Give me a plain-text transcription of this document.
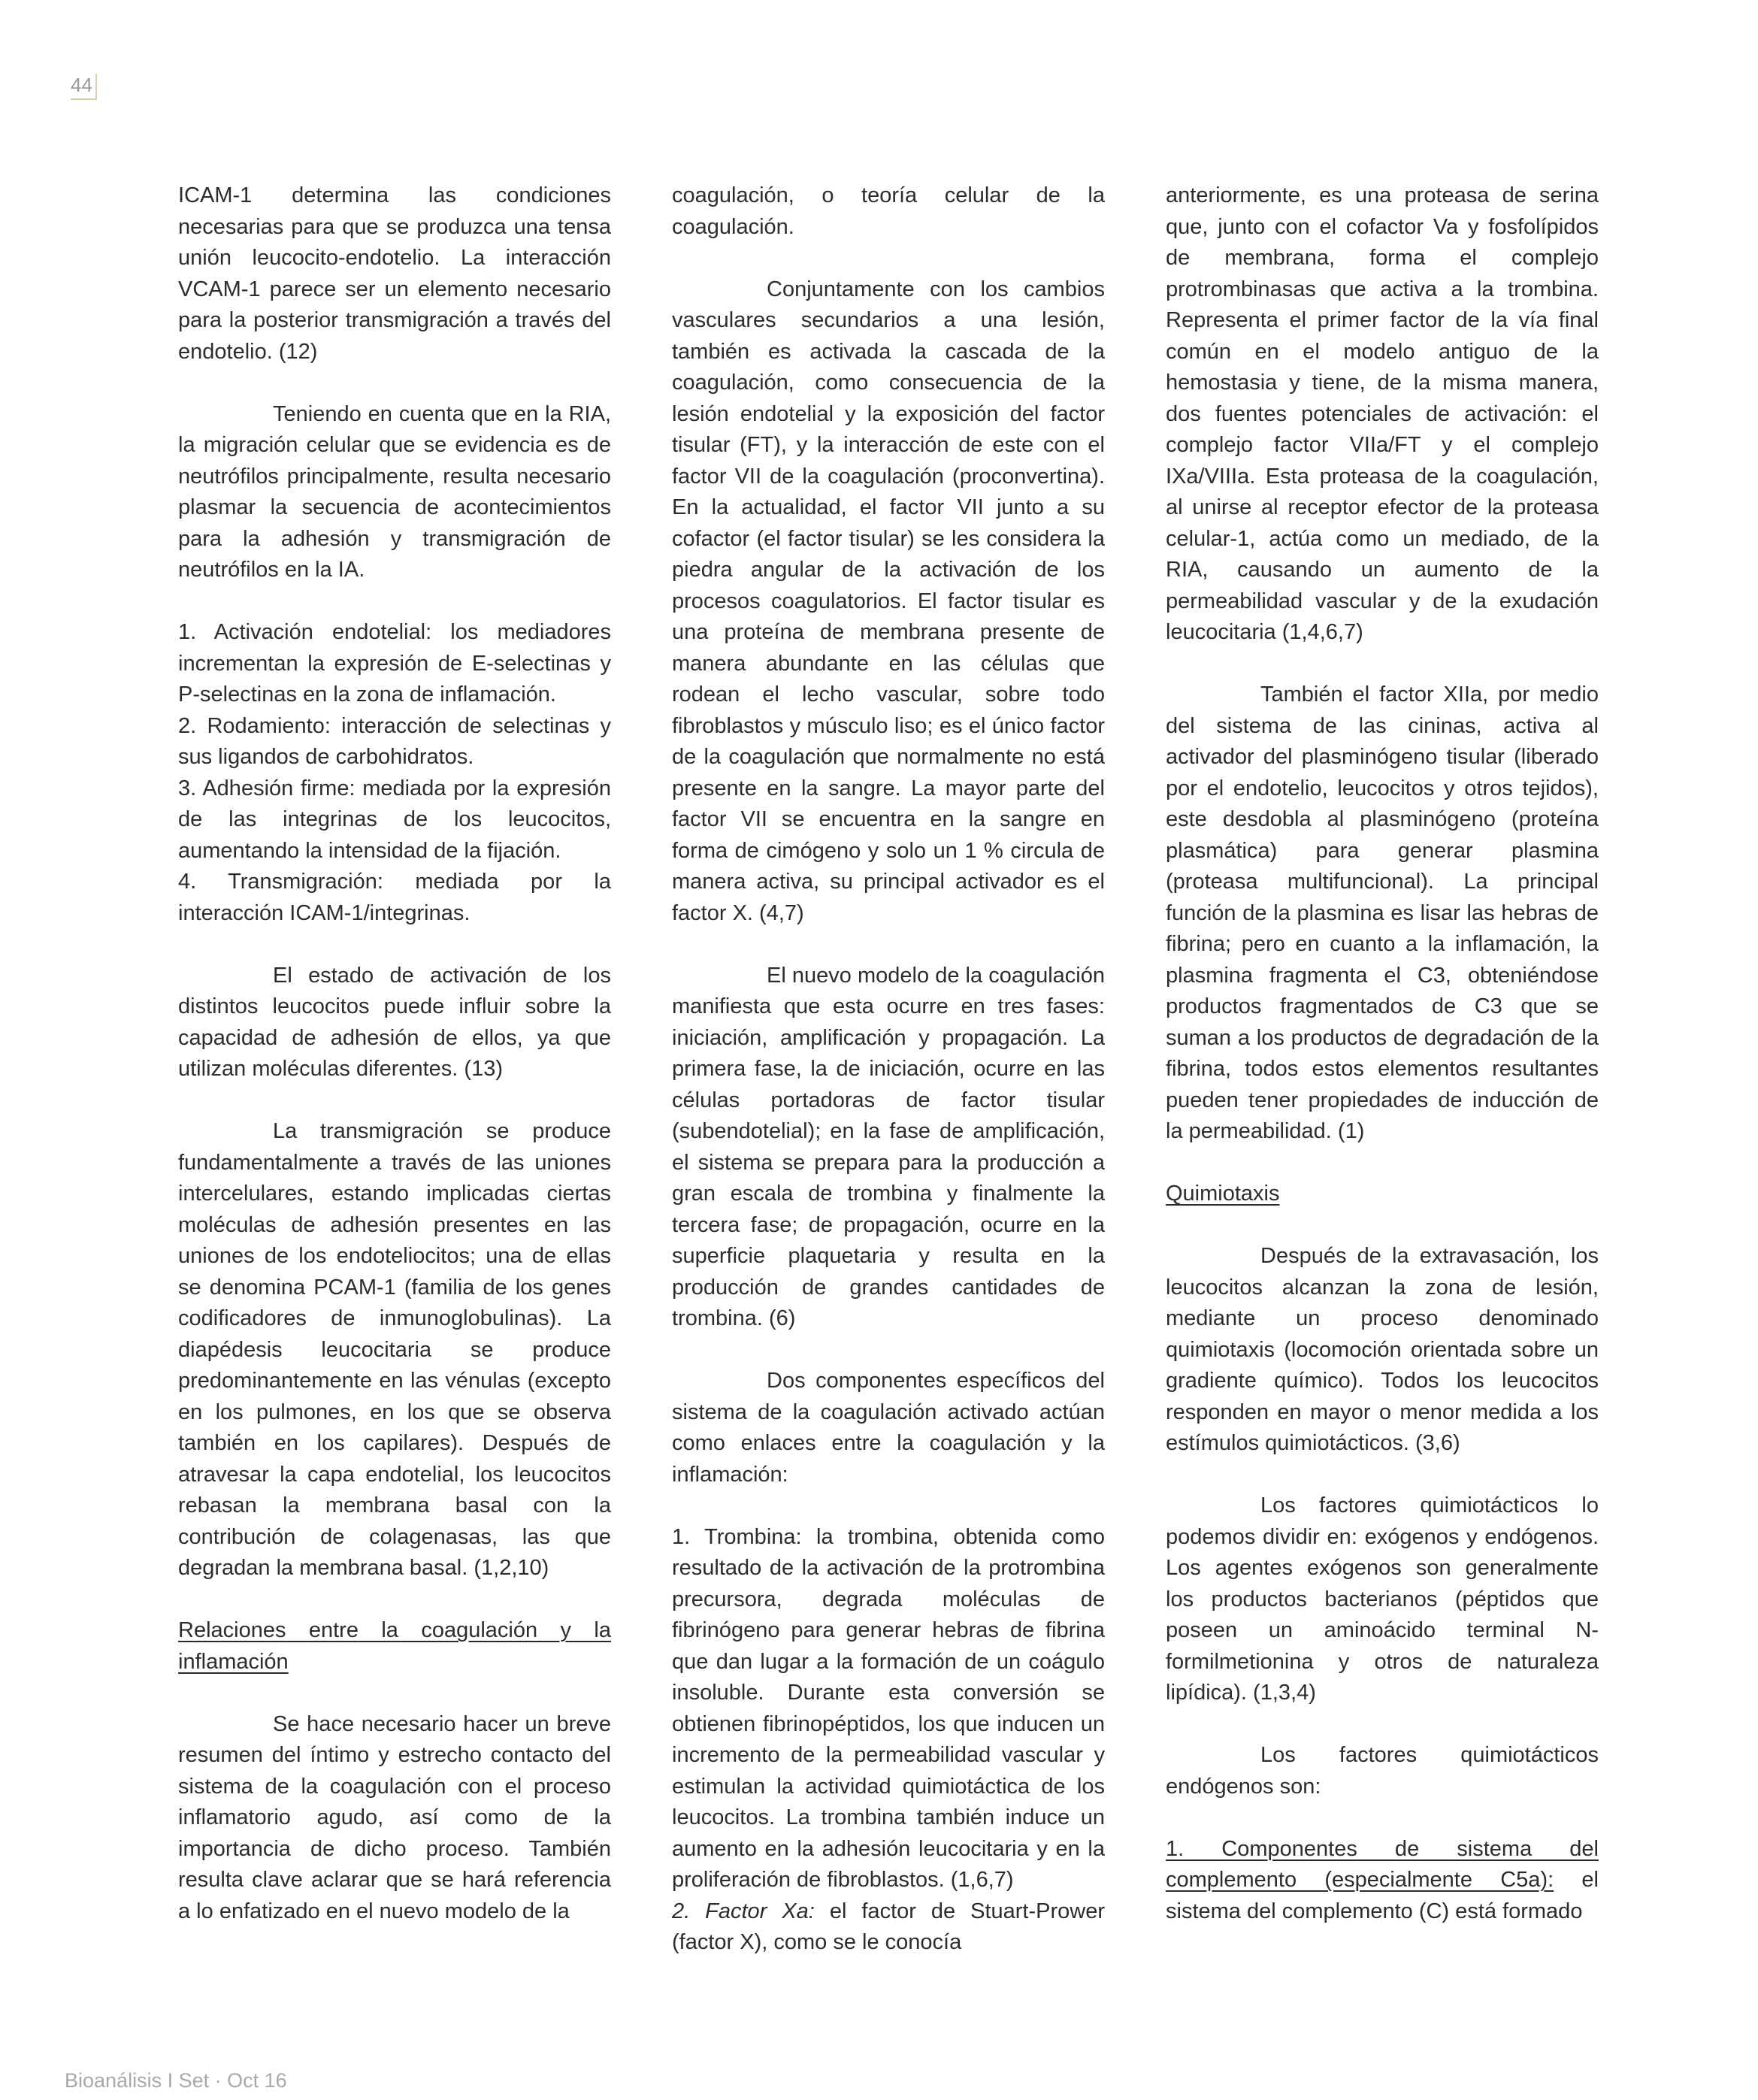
44

ICAM-1 determina las condiciones necesarias para que se produzca una tensa unión leucocito-endotelio. La interacción VCAM-1 parece ser un elemento necesario para la posterior transmigración a través del endotelio. (12)

Teniendo en cuenta que en la RIA, la migración celular que se evidencia es de neutrófilos principalmente, resulta necesario plasmar la secuencia de acontecimientos para la adhesión y transmigración de neutrófilos en la IA.

1. Activación endotelial: los mediadores incrementan la expresión de E-selectinas y P-selectinas en la zona de inflamación.

2. Rodamiento: interacción de selectinas y sus ligandos de carbohidratos.

3. Adhesión firme: mediada por la expresión de las integrinas de los leucocitos, aumentando la intensidad de la fijación.

4. Transmigración: mediada por la interacción ICAM-1/integrinas.

El estado de activación de los distintos leucocitos puede influir sobre la capacidad de adhesión de ellos, ya que utilizan moléculas diferentes. (13)

La transmigración se produce fundamentalmente a través de las uniones intercelulares, estando implicadas ciertas moléculas de adhesión presentes en las uniones de los endoteliocitos; una de ellas se denomina PCAM-1 (familia de los genes codificadores de inmunoglobulinas). La diapédesis leucocitaria se produce predominantemente en las vénulas (excepto en los pulmones, en los que se observa también en los capilares). Después de atravesar la capa endotelial, los leucocitos rebasan la membrana basal con la contribución de colagenasas, las que degradan la membrana basal. (1,2,10)

Relaciones entre la coagulación y la inflamación

Se hace necesario hacer un breve resumen del íntimo y estrecho contacto del sistema de la coagulación con el proceso inflamatorio agudo, así como de la importancia de dicho proceso. También resulta clave aclarar que se hará referencia a lo enfatizado en el nuevo modelo de la

coagulación, o teoría celular de la coagulación.

Conjuntamente con los cambios vasculares secundarios a una lesión, también es activada la cascada de la coagulación, como consecuencia de la lesión endotelial y la exposición del factor tisular (FT), y la interacción de este con el factor VII de la coagulación (proconvertina). En la actualidad, el factor VII junto a su cofactor (el factor tisular) se les considera la piedra angular de la activación de los procesos coagulatorios. El factor tisular es una proteína de membrana presente de manera abundante en las células que rodean el lecho vascular, sobre todo fibroblastos y músculo liso; es el único factor de la coagulación que normalmente no está presente en la sangre. La mayor parte del factor VII se encuentra en la sangre en forma de cimógeno y solo un 1 % circula de manera activa, su principal activador es el factor X. (4,7)

El nuevo modelo de la coagulación manifiesta que esta ocurre en tres fases: iniciación, amplificación y propagación. La primera fase, la de iniciación, ocurre en las células portadoras de factor tisular (subendotelial); en la fase de amplificación, el sistema se prepara para la producción a gran escala de trombina y finalmente la tercera fase; de propagación, ocurre en la superficie plaquetaria y resulta en la producción de grandes cantidades de trombina. (6)

Dos componentes específicos del sistema de la coagulación activado actúan como enlaces entre la coagulación y la inflamación:

1. Trombina: la trombina, obtenida como resultado de la activación de la protrombina precursora, degrada moléculas de fibrinógeno para generar hebras de fibrina que dan lugar a la formación de un coágulo insoluble. Durante esta conversión se obtienen fibrinopéptidos, los que inducen un incremento de la permeabilidad vascular y estimulan la actividad quimiotáctica de los leucocitos. La trombina también induce un aumento en la adhesión leucocitaria y en la proliferación de fibroblastos. (1,6,7)

2. Factor Xa: el factor de Stuart-Prower (factor X), como se le conocía

anteriormente, es una proteasa de serina que, junto con el cofactor Va y fosfolípidos de membrana, forma el complejo protrombinasas que activa a la trombina. Representa el primer factor de la vía final común en el modelo antiguo de la hemostasia y tiene, de la misma manera, dos fuentes potenciales de activación: el complejo factor VIIa/FT y el complejo IXa/VIIIa. Esta proteasa de la coagulación, al unirse al receptor efector de la proteasa celular-1, actúa como un mediado, de la RIA, causando un aumento de la permeabilidad vascular y de la exudación leucocitaria (1,4,6,7)

También el factor XIIa, por medio del sistema de las cininas, activa al activador del plasminógeno tisular (liberado por el endotelio, leucocitos y otros tejidos), este desdobla al plasminógeno (proteína plasmática) para generar plasmina (proteasa multifuncional). La principal función de la plasmina es lisar las hebras de fibrina; pero en cuanto a la inflamación, la plasmina fragmenta el C3, obteniéndose productos fragmentados de C3 que se suman a los productos de degradación de la fibrina, todos estos elementos resultantes pueden tener propiedades de inducción de la permeabilidad. (1)

Quimiotaxis

Después de la extravasación, los leucocitos alcanzan la zona de lesión, mediante un proceso denominado quimiotaxis (locomoción orientada sobre un gradiente químico). Todos los leucocitos responden en mayor o menor medida a los estímulos quimiotácticos. (3,6)

Los factores quimiotácticos lo podemos dividir en: exógenos y endógenos. Los agentes exógenos son generalmente los productos bacterianos (péptidos que poseen un aminoácido terminal N-formilmetionina y otros de naturaleza lipídica). (1,3,4)

Los factores quimiotácticos endógenos son:

1. Componentes de sistema del complemento (especialmente C5a): el sistema del complemento (C) está formado

Bioanálisis I Set · Oct 16
